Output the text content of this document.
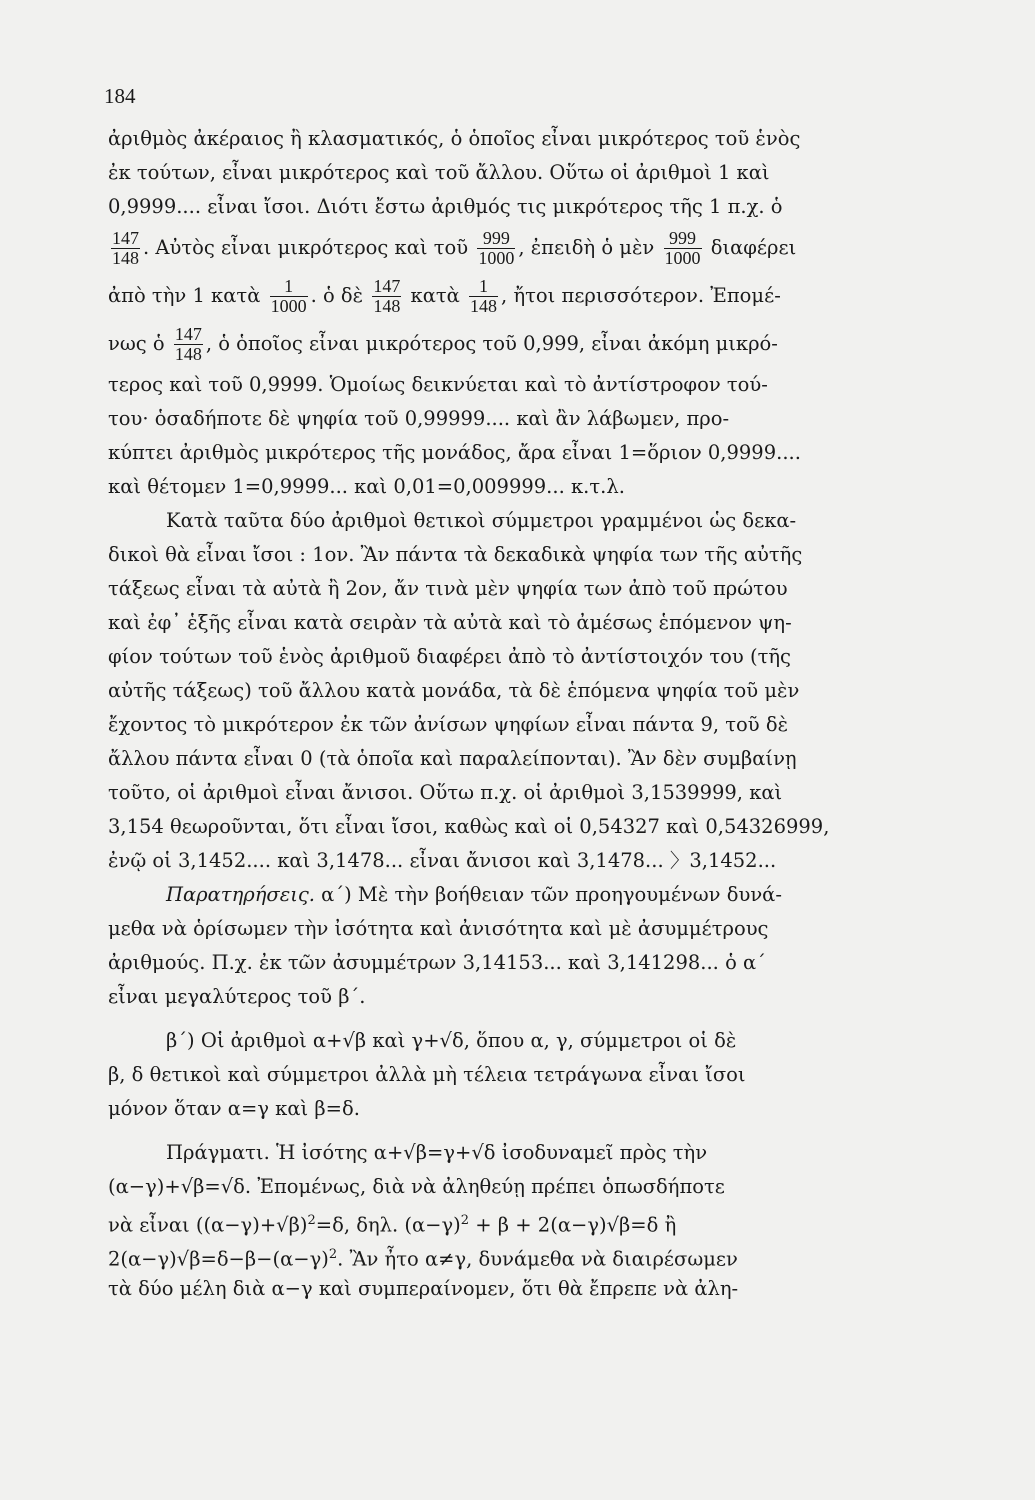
184
ἀριθμὸς ἀκέραιος ἢ κλασματικός, ὁ ὁποῖος εἶναι μικρότερος τοῦ ἑνὸς
ἐκ τούτων, εἶναι μικρότερος καὶ τοῦ ἄλλου. Οὕτω οἱ ἀριθμοὶ 1 καὶ
0,9999.... εἶναι ἴσοι. Διότι ἔστω ἀριθμός τις μικρότερος τῆς 1 π.χ. ὁ
$\frac{147}{148}$ . Αὐτὸς εἶναι μικρότερος καὶ τοῦ $\frac{999}{1000}$ , ἐπειδὴ ὁ μὲν $\frac{999}{1000}$ διαφέρει
ἀπὸ τὴν 1 κατὰ $\frac{1}{1000}$ . ὁ δὲ $\frac{147}{148}$ κατὰ $\frac{1}{148}$ , ἤτοι περισσότερον. Ἐπομέ-
νως ὁ $\frac{147}{148}$ , ὁ ὁποῖος εἶναι μικρότερος τοῦ 0,999, εἶναι ἀκόμη μικρό-
τερος καὶ τοῦ 0,9999. Ὁμοίως δεικνύεται καὶ τὸ ἀντίστροφον τού-
του· ὁσαδήποτε δὲ ψηφία τοῦ 0,99999.... καὶ ἂν λάβωμεν, προ-
κύπτει ἀριθμὸς μικρότερος τῆς μονάδος, ἄρα εἶναι 1=ὅριον 0,9999....
καὶ θέτομεν 1=0,9999... καὶ 0,01=0,009999... κ.τ.λ.
Κατὰ ταῦτα δύο ἀριθμοὶ θετικοὶ σύμμετροι γραμμένοι ὡς δεκα-
δικοὶ θὰ εἶναι ἴσοι : 1ον. Ἂν πάντα τὰ δεκαδικὰ ψηφία των τῆς αὐτῆς
τάξεως εἶναι τὰ αὐτὰ ἢ 2ον, ἄν τινὰ μὲν ψηφία των ἀπὸ τοῦ πρώτου
καὶ ἐφ᾽ ἑξῆς εἶναι κατὰ σειρὰν τὰ αὐτὰ καὶ τὸ ἀμέσως ἑπόμενον ψη-
φίον τούτων τοῦ ἑνὸς ἀριθμοῦ διαφέρει ἀπὸ τὸ ἀντίστοιχόν του (τῆς
αὐτῆς τάξεως) τοῦ ἄλλου κατὰ μονάδα, τὰ δὲ ἑπόμενα ψηφία τοῦ μὲν
ἔχοντος τὸ μικρότερον ἐκ τῶν ἀνίσων ψηφίων εἶναι πάντα 9, τοῦ δὲ
ἄλλου πάντα εἶναι 0 (τὰ ὁποῖα καὶ παραλείπονται). Ἂν δὲν συμβαίνῃ
τοῦτο, οἱ ἀριθμοὶ εἶναι ἄνισοι. Οὕτω π.χ. οἱ ἀριθμοὶ 3,1539999, καὶ
3,154 θεωροῦνται, ὅτι εἶναι ἴσοι, καθὼς καὶ οἱ 0,54327 καὶ 0,54326999,
ἐνῷ οἱ 3,1452.... καὶ 3,1478... εἶναι ἄνισοι καὶ 3,1478... 〉3,1452...
Παρατηρήσεις. α΄) Μὲ τὴν βοήθειαν τῶν προηγουμένων δυνά-
μεθα νὰ ὁρίσωμεν τὴν ἰσότητα καὶ ἀνισότητα καὶ μὲ ἀσυμμέτρους
ἀριθμούς. Π.χ. ἐκ τῶν ἀσυμμέτρων 3,14153... καὶ 3,141298... ὁ α΄
εἶναι μεγαλύτερος τοῦ β΄.
β΄) Οἱ ἀριθμοὶ α+√β καὶ γ+√δ, ὅπου α, γ, σύμμετροι οἱ δὲ
β, δ θετικοὶ καὶ σύμμετροι ἀλλὰ μὴ τέλεια τετράγωνα εἶναι ἴσοι
μόνον ὅταν α=γ καὶ β=δ.
Πράγματι. Ἡ ἰσότης α+√β=γ+√δ ἰσοδυναμεῖ πρὸς τὴν
(α−γ)+√β=√δ. Ἐπομένως, διὰ νὰ ἀληθεύῃ πρέπει ὁπωσδήποτε
νὰ εἶναι $((\alpha-\gamma)+√\beta)^2=\delta$, δηλ. $(\alpha-\gamma)^2 + \beta + 2(\alpha-\gamma)√\beta=\delta$ ἢ
$2(\alpha-\gamma)√\beta=\delta-\beta-(\alpha-\gamma)^2$. Ἂν ἦτο α≠γ, δυνάμεθα νὰ διαιρέσωμεν
τὰ δύο μέλη διὰ α−γ καὶ συμπεραίνομεν, ὅτι θὰ ἔπρεπε νὰ ἀλη-
